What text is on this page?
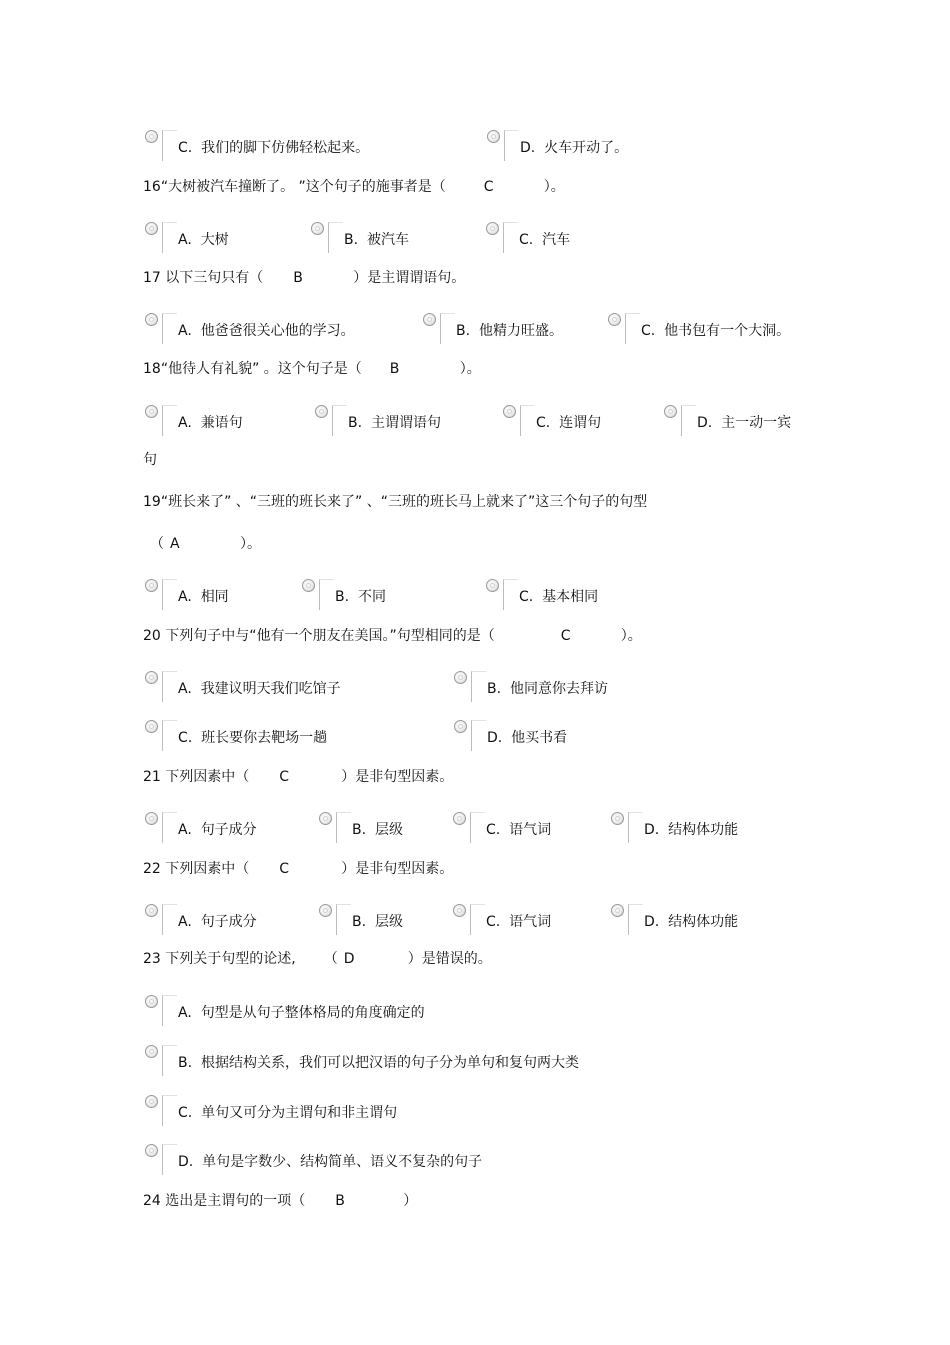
C. 我们的脚下仿佛轻松起来。	D. 火车开动了。
16“大树被汽车撞断了。 ”这个句子的施事者是（	C	）。
A. 大树	B. 被汽车	C. 汽车
17 以下三句只有（ B	）是主谓谓语句。
A. 他爸爸很关心他的学习。	B. 他精力旺盛。	C. 他书包有一个大洞。
18“他待人有礼貌” 。这个句子是（ B	）。
A. 兼语句	B. 主谓谓语句	C. 连谓句	D. 主一动一宾
句
19“班长来了” 、“三班的班长来了” 、“三班的班长马上就来了”这三个句子的句型
（ A	）。
A. 相同	B. 不同	C. 基本相同
20 下列句子中与“他有一个朋友在美国。”句型相同的是（	C	）。
A. 我建议明天我们吃馆子	B. 他同意你去拜访
C. 班长要你去靶场一趟	D. 他买书看
21 下列因素中（ C	）是非句型因素。
A. 句子成分	B. 层级	C. 语气词	D. 结构体功能
22 下列因素中（ C	）是非句型因素。
A. 句子成分	B. 层级	C. 语气词	D. 结构体功能
23 下列关于句型的论述, （ D	）是错误的。
A. 句型是从句子整体格局的角度确定的
B. 根据结构关系，我们可以把汉语的句子分为单句和复句两大类
C. 单句又可分为主谓句和非主谓句
D. 单句是字数少、结构简单、语义不复杂的句子
24 选出是主谓句的一项（ B	）
